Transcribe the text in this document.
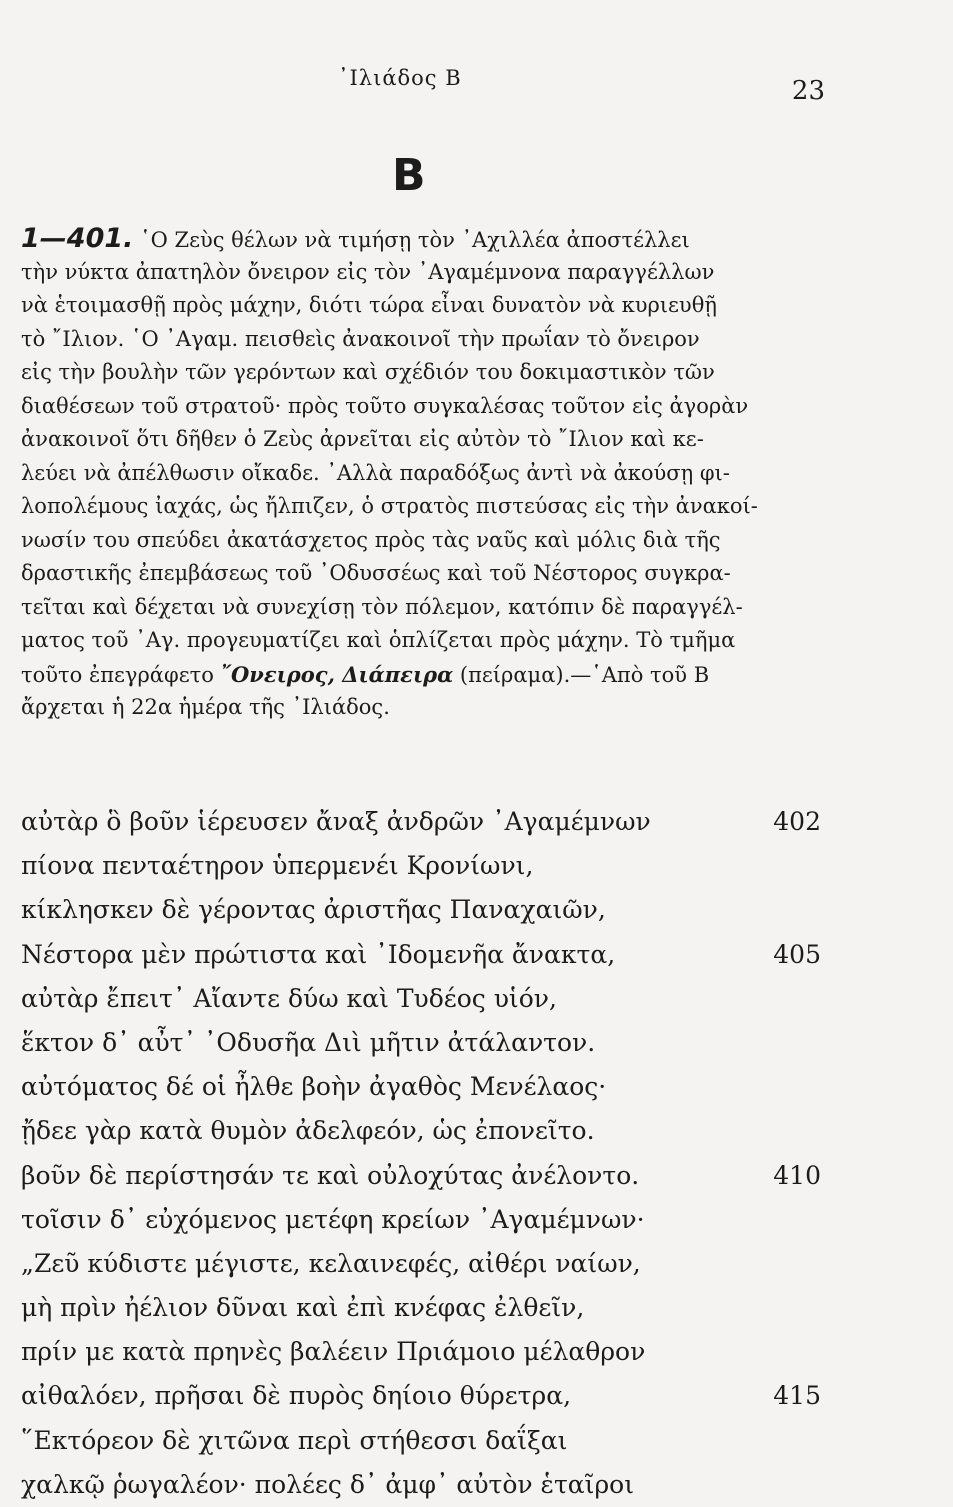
᾿Ιλιάδος Β	23
Β
1—401. ῾Ο Ζεὺς θέλων νὰ τιμήσῃ τὸν ᾿Αχιλλέα ἀποστέλλει
τὴν νύκτα ἀπατηλὸν ὄνειρον εἰς τὸν ᾿Αγαμέμνονα παραγγέλλων
νὰ ἑτοιμασθῇ πρὸς μάχην, διότι τώρα εἶναι δυνατὸν νὰ κυριευθῇ
τὸ ῎Ιλιον. ῾Ο ᾿Αγαμ. πεισθεὶς ἀνακοινοῖ τὴν πρωΐαν τὸ ὄνειρον
εἰς τὴν βουλὴν τῶν γερόντων καὶ σχέδιόν του δοκιμαστικὸν τῶν
διαθέσεων τοῦ στρατοῦ· πρὸς τοῦτο συγκαλέσας τοῦτον εἰς ἀγορὰν
ἀνακοινοῖ ὅτι δῆθεν ὁ Ζεὺς ἀρνεῖται εἰς αὐτὸν τὸ ῎Ιλιον καὶ κε-
λεύει νὰ ἀπέλθωσιν οἴκαδε. ᾿Αλλὰ παραδόξως ἀντὶ νὰ ἀκούσῃ φι-
λοπολέμους ἰαχάς, ὡς ἤλπιζεν, ὁ στρατὸς πιστεύσας εἰς τὴν ἀνακοί-
νωσίν του σπεύδει ἀκατάσχετος πρὸς τὰς ναῦς καὶ μόλις διὰ τῆς
δραστικῆς ἐπεμβάσεως τοῦ ᾿Οδυσσέως καὶ τοῦ Νέστορος συγκρα-
τεῖται καὶ δέχεται νὰ συνεχίσῃ τὸν πόλεμον, κατόπιν δὲ παραγγέλ-
ματος τοῦ ᾿Αγ. προγευματίζει καὶ ὁπλίζεται πρὸς μάχην. Τὸ τμῆμα
τοῦτο ἐπεγράφετο ῎Ονειρος, Διάπειρα (πείραμα).—῾Απὸ τοῦ Β
ἄρχεται ἡ 22α ἡμέρα τῆς ᾿Ιλιάδος.
αὐτὰρ ὃ βοῦν ἱέρευσεν ἄναξ ἀνδρῶν ᾿Αγαμέμνων	402
πίονα πενταέτηρον ὑπερμενέι Κρονίωνι,
κίκλησκεν δὲ γέροντας ἀριστῆας Παναχαιῶν,
Νέστορα μὲν πρώτιστα καὶ ᾿Ιδομενῆα ἄνακτα,	405
αὐτὰρ ἔπειτ᾿ Αἴαντε δύω καὶ Τυδέος υἱόν,
ἕκτον δ᾿ αὖτ᾿ ᾿Οδυσῆα Διὶ μῆτιν ἀτάλαντον.
αὐτόματος δέ οἱ ἦλθε βοὴν ἀγαθὸς Μενέλαος·
ᾔδεε γὰρ κατὰ θυμὸν ἀδελφεόν, ὡς ἐπονεῖτο.
βοῦν δὲ περίστησάν τε καὶ οὐλοχύτας ἀνέλοντο.	410
τοῖσιν δ᾿ εὐχόμενος μετέφη κρείων ᾿Αγαμέμνων·
„Ζεῦ κύδιστε μέγιστε, κελαινεφές, αἰθέρι ναίων,
μὴ πρὶν ἠέλιον δῦναι καὶ ἐπὶ κνέφας ἐλθεῖν,
πρίν με κατὰ πρηνὲς βαλέειν Πριάμοιο μέλαθρον
αἰθαλόεν, πρῆσαι δὲ πυρὸς δηίοιο θύρετρα,	415
῞Εκτόρεον δὲ χιτῶνα περὶ στήθεσσι δαΐξαι
χαλκῷ ῥωγαλέον· πολέες δ᾿ ἀμφ᾿ αὐτὸν ἑταῖροι
